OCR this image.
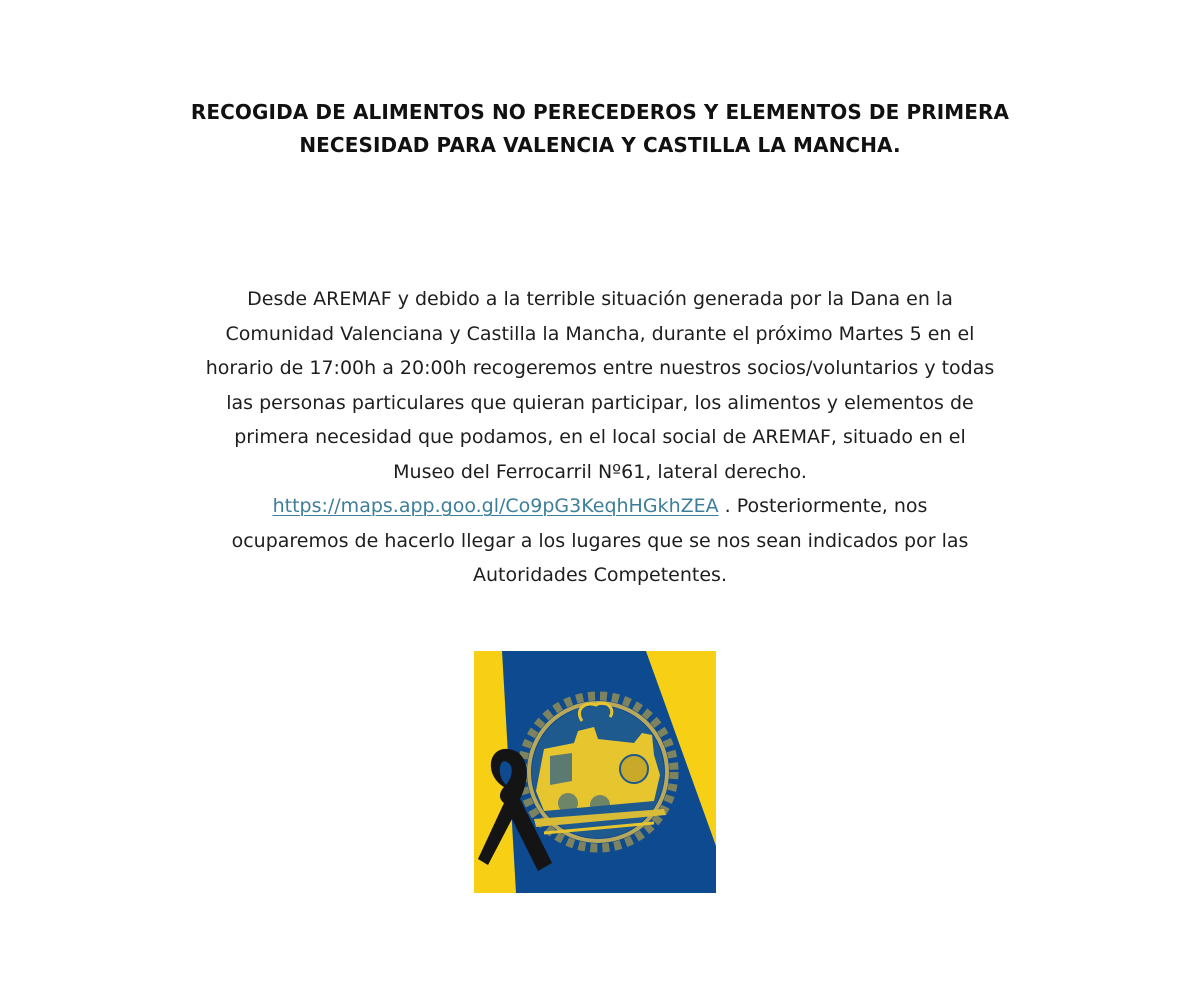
RECOGIDA DE ALIMENTOS NO PERECEDEROS Y ELEMENTOS DE PRIMERA
NECESIDAD PARA VALENCIA Y CASTILLA LA MANCHA.
Desde AREMAF y debido a la terrible situación generada por la Dana en la
Comunidad Valenciana y Castilla la Mancha, durante el próximo Martes 5 en el
horario de 17:00h a 20:00h recogeremos entre nuestros socios/voluntarios y todas
las personas particulares que quieran participar, los alimentos y elementos de
primera necesidad que podamos, en el local social de AREMAF, situado en el
Museo del Ferrocarril Nº61, lateral derecho.
https://maps.app.goo.gl/Co9pG3KeqhHGkhZEA . Posteriormente, nos
ocuparemos de hacerlo llegar a los lugares que se nos sean indicados por las
Autoridades Competentes.
